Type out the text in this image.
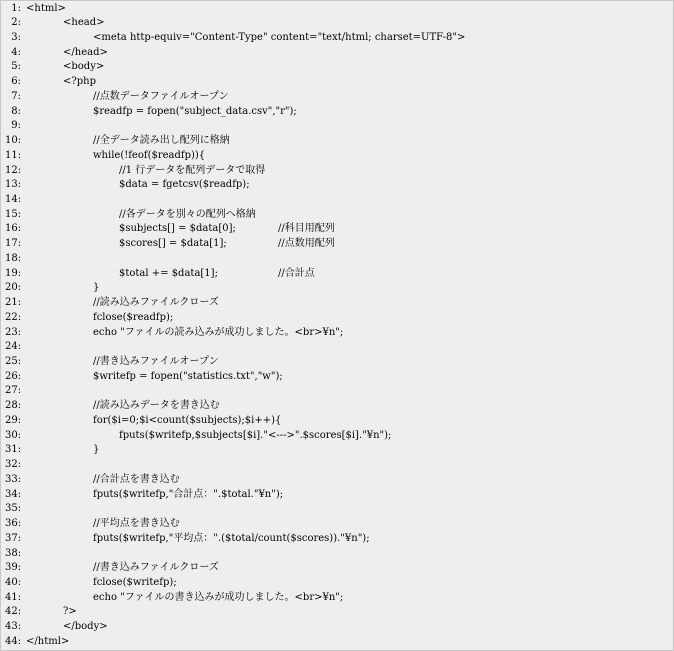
1: <html>
2:	<head>
3:	<meta http-equiv="Content-Type" content="text/html; charset=UTF-8">
4:	</head>
5:	<body>
6:	<?php
7:	//点数データファイルオープン
8:	$readfp = fopen("subject_data.csv","r");
9:
10:	//全データ読み出し配列に格納
11:	while(!feof($readfp)){
12:	//1 行データを配列データで取得
13:	$data = fgetcsv($readfp);
14:
15:	//各データを別々の配列へ格納
16:	$subjects[] = $data[0];	//科目用配列
17:	$scores[] = $data[1];	//点数用配列
18:
19:	$total += $data[1];	//合計点
20:	}
21:	//読み込みファイルクローズ
22:	fclose($readfp);
23:	echo "ファイルの読み込みが成功しました。<br>¥n";
24:
25:	//書き込みファイルオープン
26:	$writefp = fopen("statistics.txt","w");
27:
28:	//読み込みデータを書き込む
29:	for($i=0;$i<count($subjects);$i++){
30:	fputs($writefp,$subjects[$i]."<--->".$scores[$i]."¥n");
31:	}
32:
33:	//合計点を書き込む
34:	fputs($writefp,"合計点：".$total."¥n");
35:
36:	//平均点を書き込む
37:	fputs($writefp,"平均点：".($total/count($scores))."¥n");
38:
39:	//書き込みファイルクローズ
40:	fclose($writefp);
41:	echo "ファイルの書き込みが成功しました。<br>¥n";
42:	?>
43:	</body>
44: </html>
